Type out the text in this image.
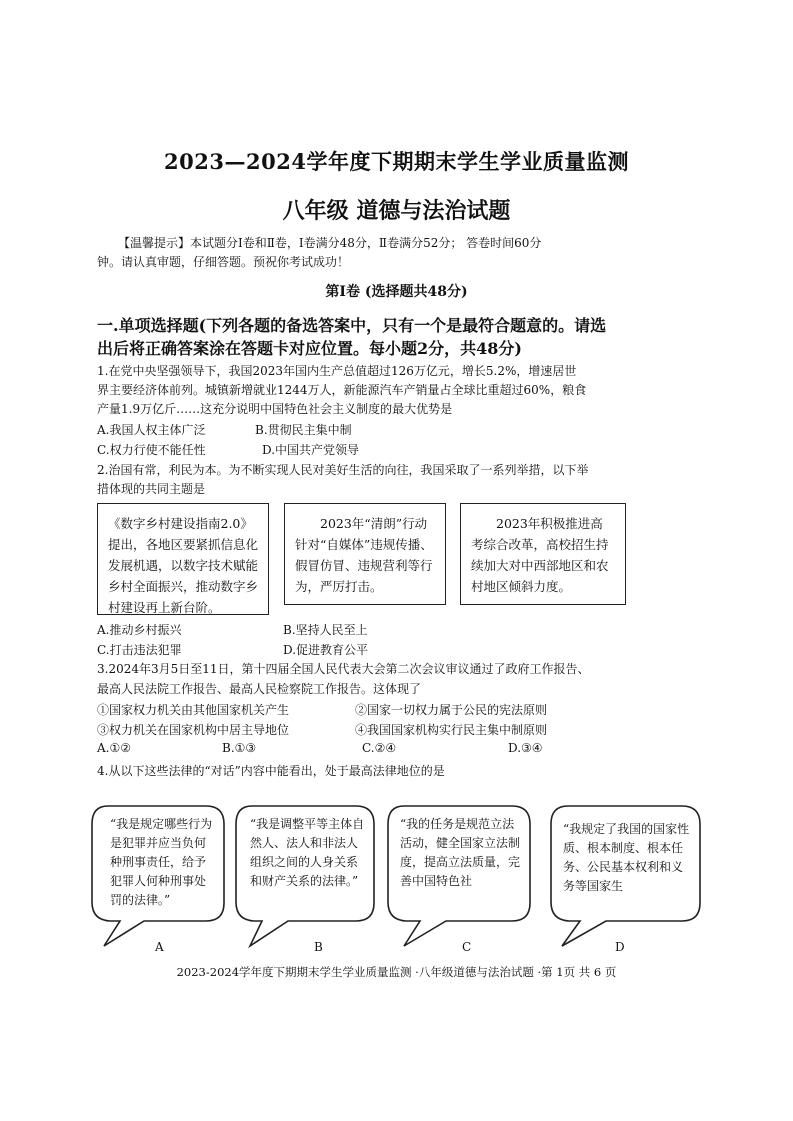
2023—2024学年度下期期末学生学业质量监测
八年级 道德与法治试题
【温馨提示】本试题分Ⅰ卷和Ⅱ卷，Ⅰ卷满分48分，Ⅱ卷满分52分； 答卷时间60分
钟。请认真审题，仔细答题。预祝你考试成功！
第Ⅰ卷 (选择题共48分)
一.单项选择题(下列各题的备选答案中，只有一个是最符合题意的。请选
出后将正确答案涂在答题卡对应位置。每小题2分，共48分)
1.在党中央坚强领导下，我国2023年国内生产总值超过126万亿元，增长5.2%，增速居世
界主要经济体前列。城镇新增就业1244万人，新能源汽车产销量占全球比重超过60%，粮食
产量1.9万亿斤……这充分说明中国特色社会主义制度的最大优势是
A.我国人权主体广泛	B.贯彻民主集中制
C.权力行使不能任性	D.中国共产党领导
2.治国有常，利民为本。为不断实现人民对美好生活的向往，我国采取了一系列举措，以下举
措体现的共同主题是
《数字乡村建设指南2.0》提出，各地区要紧抓信息化发展机遇，以数字技术赋能乡村全面振兴，推动数字乡村建设再上新台阶。
2023年“清朗”行动针对“自媒体”违规传播、假冒仿冒、违规营利等行为，严厉打击。
2023年积极推进高考综合改革，高校招生持续加大对中西部地区和农村地区倾斜力度。
A.推动乡村振兴	B.坚持人民至上
C.打击违法犯罪	D.促进教育公平
3.2024年3月5日至11日，第十四届全国人民代表大会第二次会议审议通过了政府工作报告、
最高人民法院工作报告、最高人民检察院工作报告。这体现了
①国家权力机关由其他国家机关产生	②国家一切权力属于公民的宪法原则
③权力机关在国家机构中居主导地位	④我国国家机构实行民主集中制原则
A.①②	B.①③	C.②④	D.③④
4.从以下这些法律的“对话”内容中能看出，处于最高法律地位的是
“我是规定哪些行为是犯罪并应当负何种刑事责任，给予犯罪人何种刑事处罚的法律。”
“我是调整平等主体自然人、法人和非法人组织之间的人身关系和财产关系的法律。”
“我的任务是规范立法活动，健全国家立法制度，提高立法质量，完善中国特色社
“我规定了我国的国家性质、根本制度、根本任务、公民基本权利和义务等国家生
A	B	C	D
2023-2024学年度下期期末学生学业质量监测 ·八年级道德与法治试题 ·第 1页 共 6 页
